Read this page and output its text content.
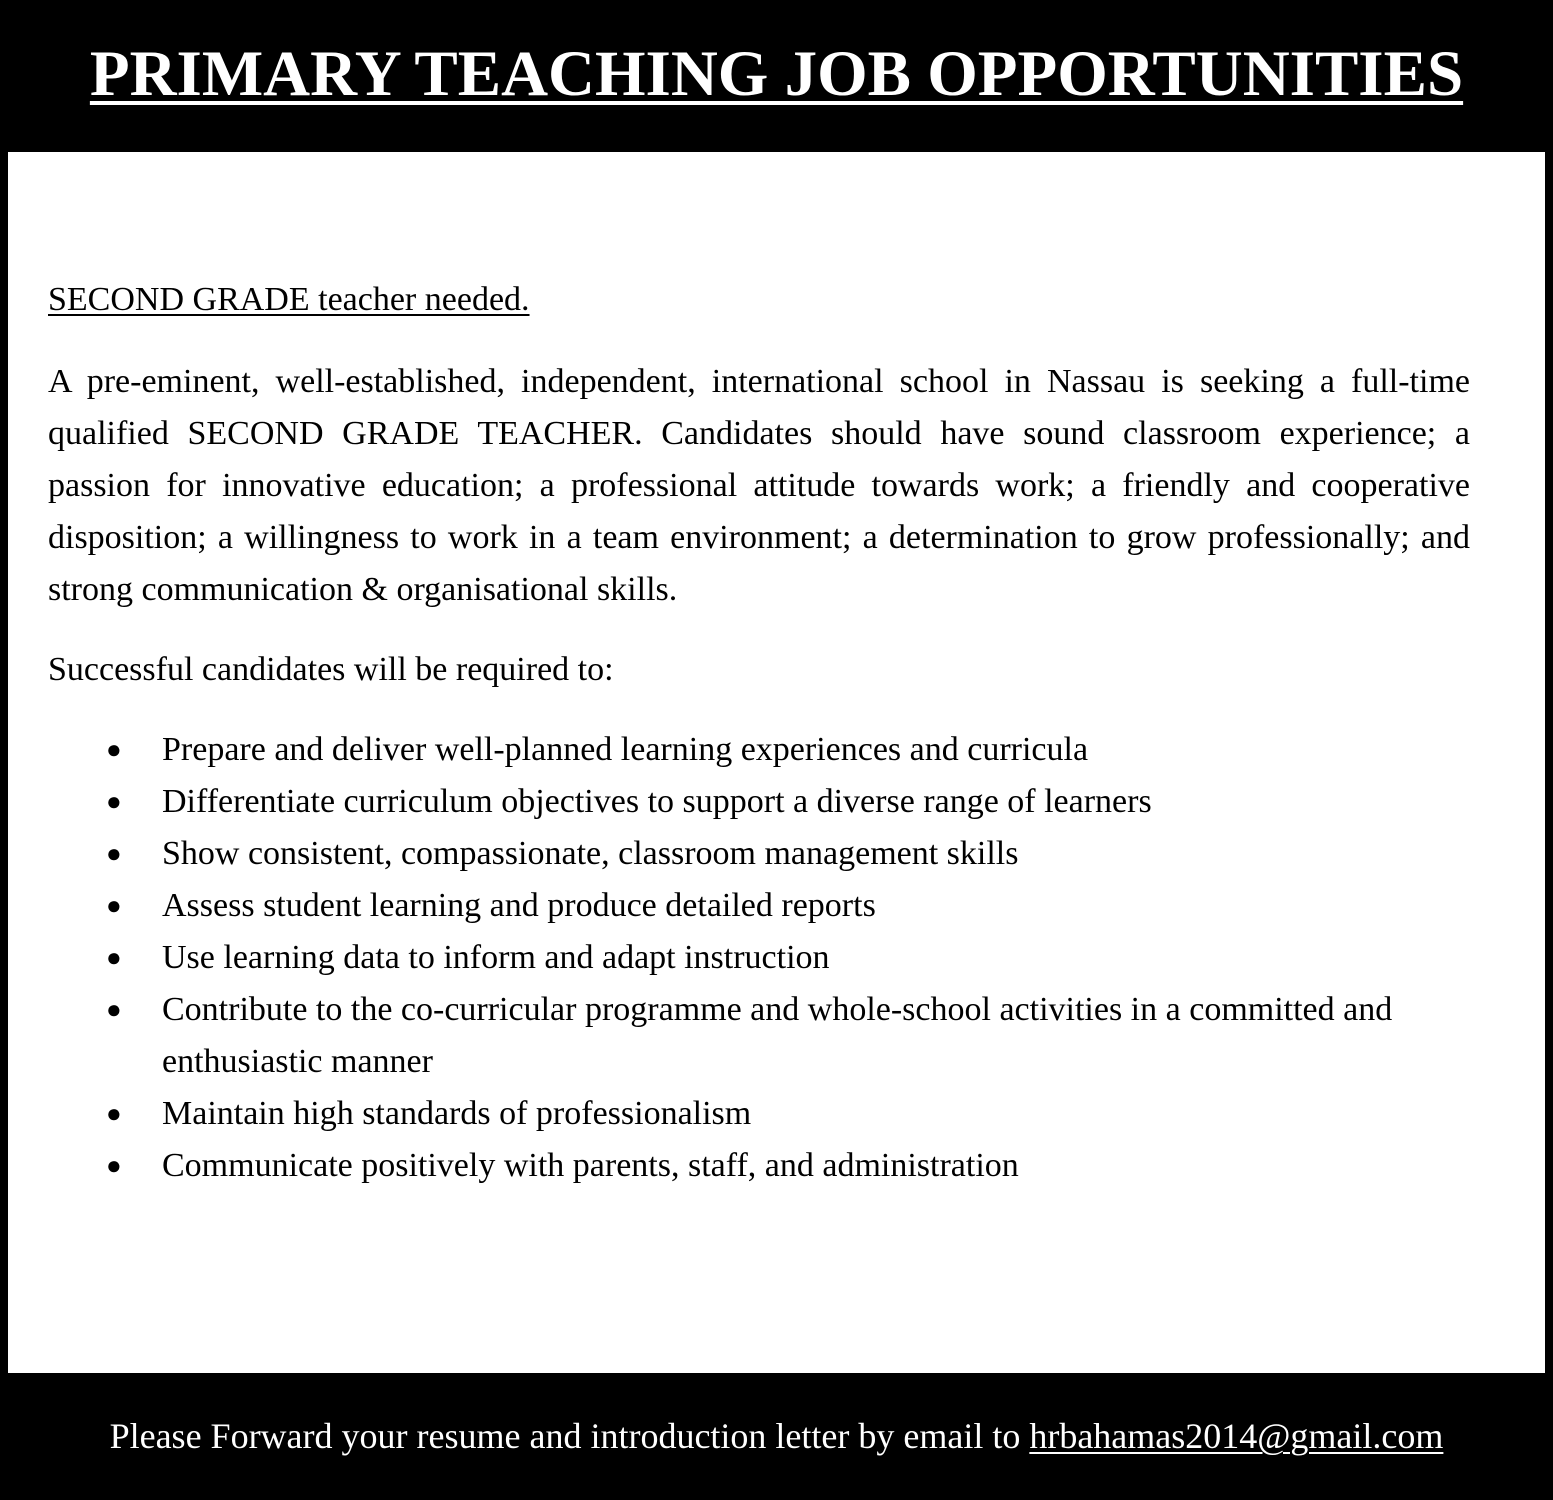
PRIMARY TEACHING JOB OPPORTUNITIES

SECOND GRADE teacher needed.

A pre-eminent, well-established, independent, international school in Nassau is seeking a full-time qualified SECOND GRADE TEACHER. Candidates should have sound classroom experience; a passion for innovative education; a professional attitude towards work; a friendly and cooperative disposition; a willingness to work in a team environment; a determination to grow professionally; and strong communication & organisational skills.

Successful candidates will be required to:

● Prepare and deliver well-planned learning experiences and curricula
● Differentiate curriculum objectives to support a diverse range of learners
● Show consistent, compassionate, classroom management skills
● Assess student learning and produce detailed reports
● Use learning data to inform and adapt instruction
● Contribute to the co-curricular programme and whole-school activities in a committed and enthusiastic manner
● Maintain high standards of professionalism
● Communicate positively with parents, staff, and administration
Please Forward your resume and introduction letter by email to hrbahamas2014@gmail.com
